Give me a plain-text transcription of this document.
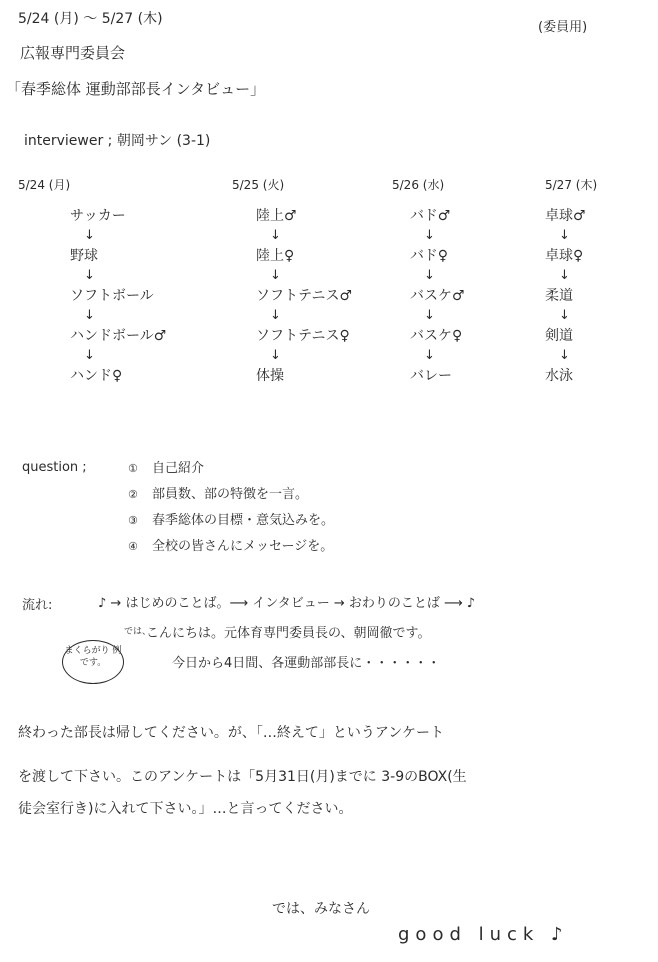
5/24 (月) 〜 5/27 (木)
(委員用)
広報専門委員会
「春季総体 運動部部長インタビュー」
interviewer ; 朝岡サン (3-1)
5/24 (月)
サッカー
↓
野球
↓
ソフトボール
↓
ハンドボール♂
↓
ハンド♀
5/25 (火)
陸上♂
↓
陸上♀
↓
ソフトテニス♂
↓
ソフトテニス♀
↓
体操
5/26 (水)
バド♂
↓
バド♀
↓
バスケ♂
↓
バスケ♀
↓
バレー
5/27 (木)
卓球♂
↓
卓球♀
↓
柔道
↓
剣道
↓
水泳
question ;	① 自己紹介
② 部員数、部の特徴を一言。
③ 春季総体の目標・意気込みを。
④ 全校の皆さんにメッセージを。
流れ:	♪ → はじめのことば。⟶ インタビュー → おわりのことば ⟶ ♪
まくらがり 例です。
では、
こんにちは。元体育専門委員長の、朝岡徹です。
今日から4日間、各運動部部長に・・・・・・
終わった部長は帰してください。が、「…終えて」というアンケート
を渡して下さい。このアンケートは「5月31日(月)までに 3-9のBOX(生
徒会室行き)に入れて下さい。」…と言ってください。
では、みなさん
good luck ♪
